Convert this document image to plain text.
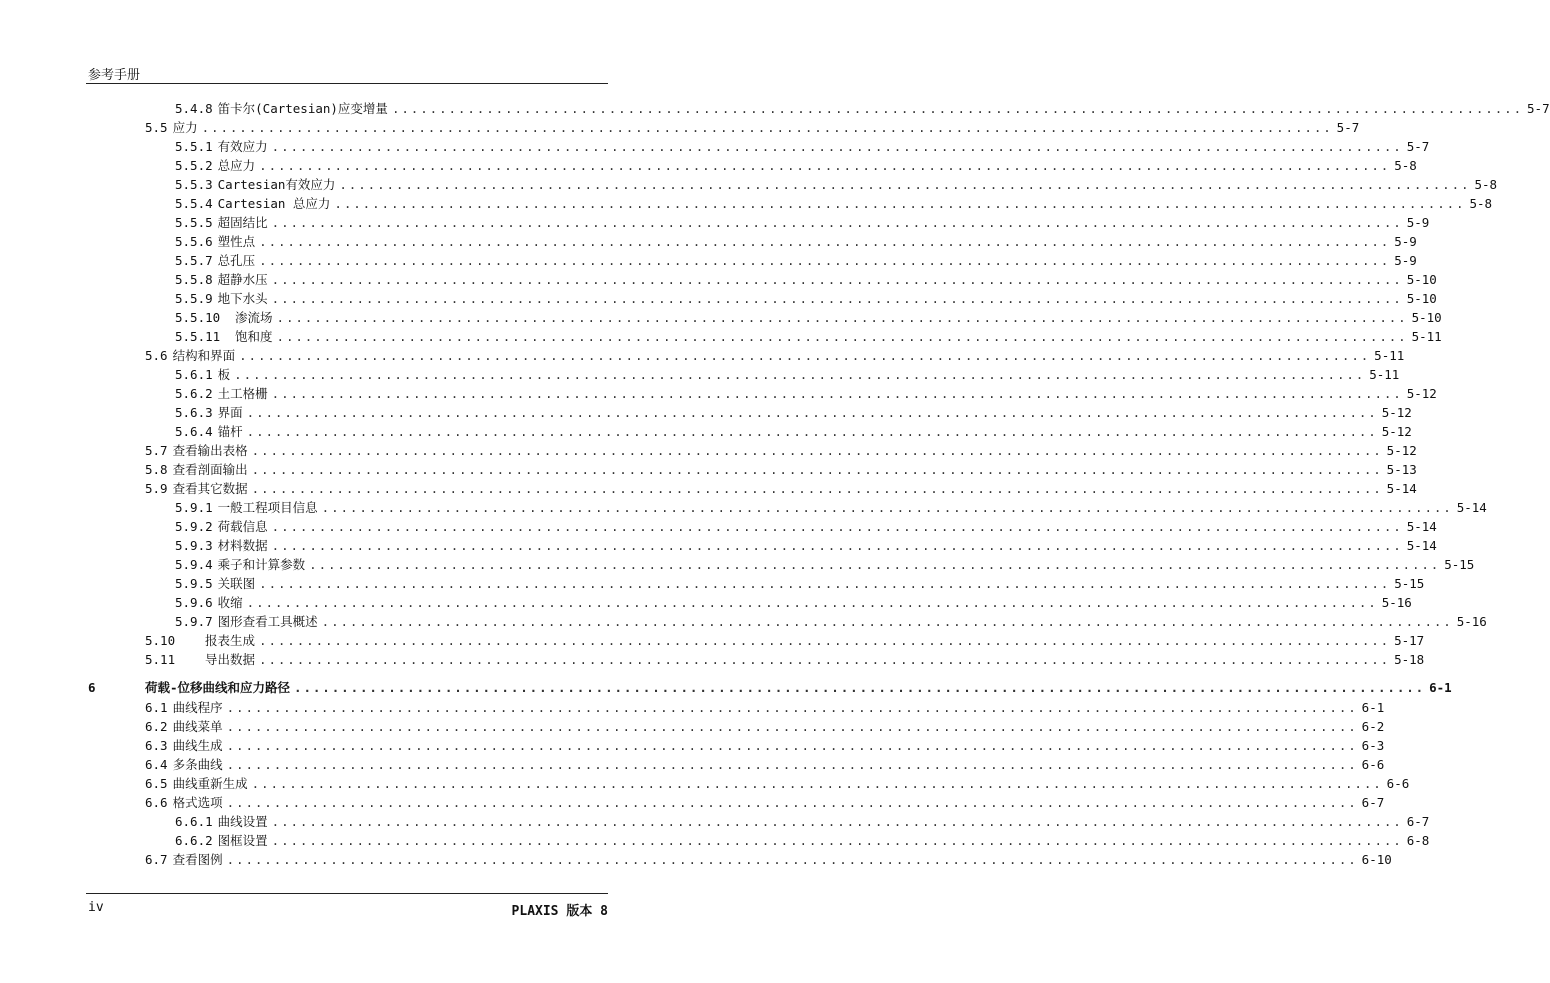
参考手册
5.4.8 笛卡尔(Cartesian)应变增量 ........................................................................................................................ 5-7
5.5 应力 ........................................................................................................................ 5-7
5.5.1 有效应力 ........................................................................................................................ 5-7
5.5.2 总应力 ........................................................................................................................ 5-8
5.5.3 Cartesian有效应力 ........................................................................................................................ 5-8
5.5.4 Cartesian 总应力 ........................................................................................................................ 5-8
5.5.5 超固结比 ........................................................................................................................ 5-9
5.5.6 塑性点 ........................................................................................................................ 5-9
5.5.7 总孔压 ........................................................................................................................ 5-9
5.5.8 超静水压 ........................................................................................................................ 5-10
5.5.9 地下水头 ........................................................................................................................ 5-10
5.5.10	渗流场 ........................................................................................................................ 5-10
5.5.11	饱和度 ........................................................................................................................ 5-11
5.6 结构和界面 ........................................................................................................................ 5-11
5.6.1 板 ........................................................................................................................ 5-11
5.6.2 土工格栅 ........................................................................................................................ 5-12
5.6.3 界面 ........................................................................................................................ 5-12
5.6.4 锚杆 ........................................................................................................................ 5-12
5.7 查看输出表格 ........................................................................................................................ 5-12
5.8 查看剖面输出 ........................................................................................................................ 5-13
5.9 查看其它数据 ........................................................................................................................ 5-14
5.9.1 一般工程项目信息 ........................................................................................................................ 5-14
5.9.2 荷载信息 ........................................................................................................................ 5-14
5.9.3 材料数据 ........................................................................................................................ 5-14
5.9.4 乘子和计算参数 ........................................................................................................................ 5-15
5.9.5 关联图 ........................................................................................................................ 5-15
5.9.6 收缩 ........................................................................................................................ 5-16
5.9.7 图形查看工具概述 ........................................................................................................................ 5-16
5.10	报表生成 ........................................................................................................................ 5-17
5.11	导出数据 ........................................................................................................................ 5-18
6	荷载-位移曲线和应力路径 ........................................................................................................................ 6-1
6.1 曲线程序 ........................................................................................................................ 6-1
6.2 曲线菜单 ........................................................................................................................ 6-2
6.3 曲线生成 ........................................................................................................................ 6-3
6.4 多条曲线 ........................................................................................................................ 6-6
6.5 曲线重新生成 ........................................................................................................................ 6-6
6.6 格式选项 ........................................................................................................................ 6-7
6.6.1 曲线设置 ........................................................................................................................ 6-7
6.6.2 图框设置 ........................................................................................................................ 6-8
6.7 查看图例 ........................................................................................................................ 6-10
iv	PLAXIS 版本 8
